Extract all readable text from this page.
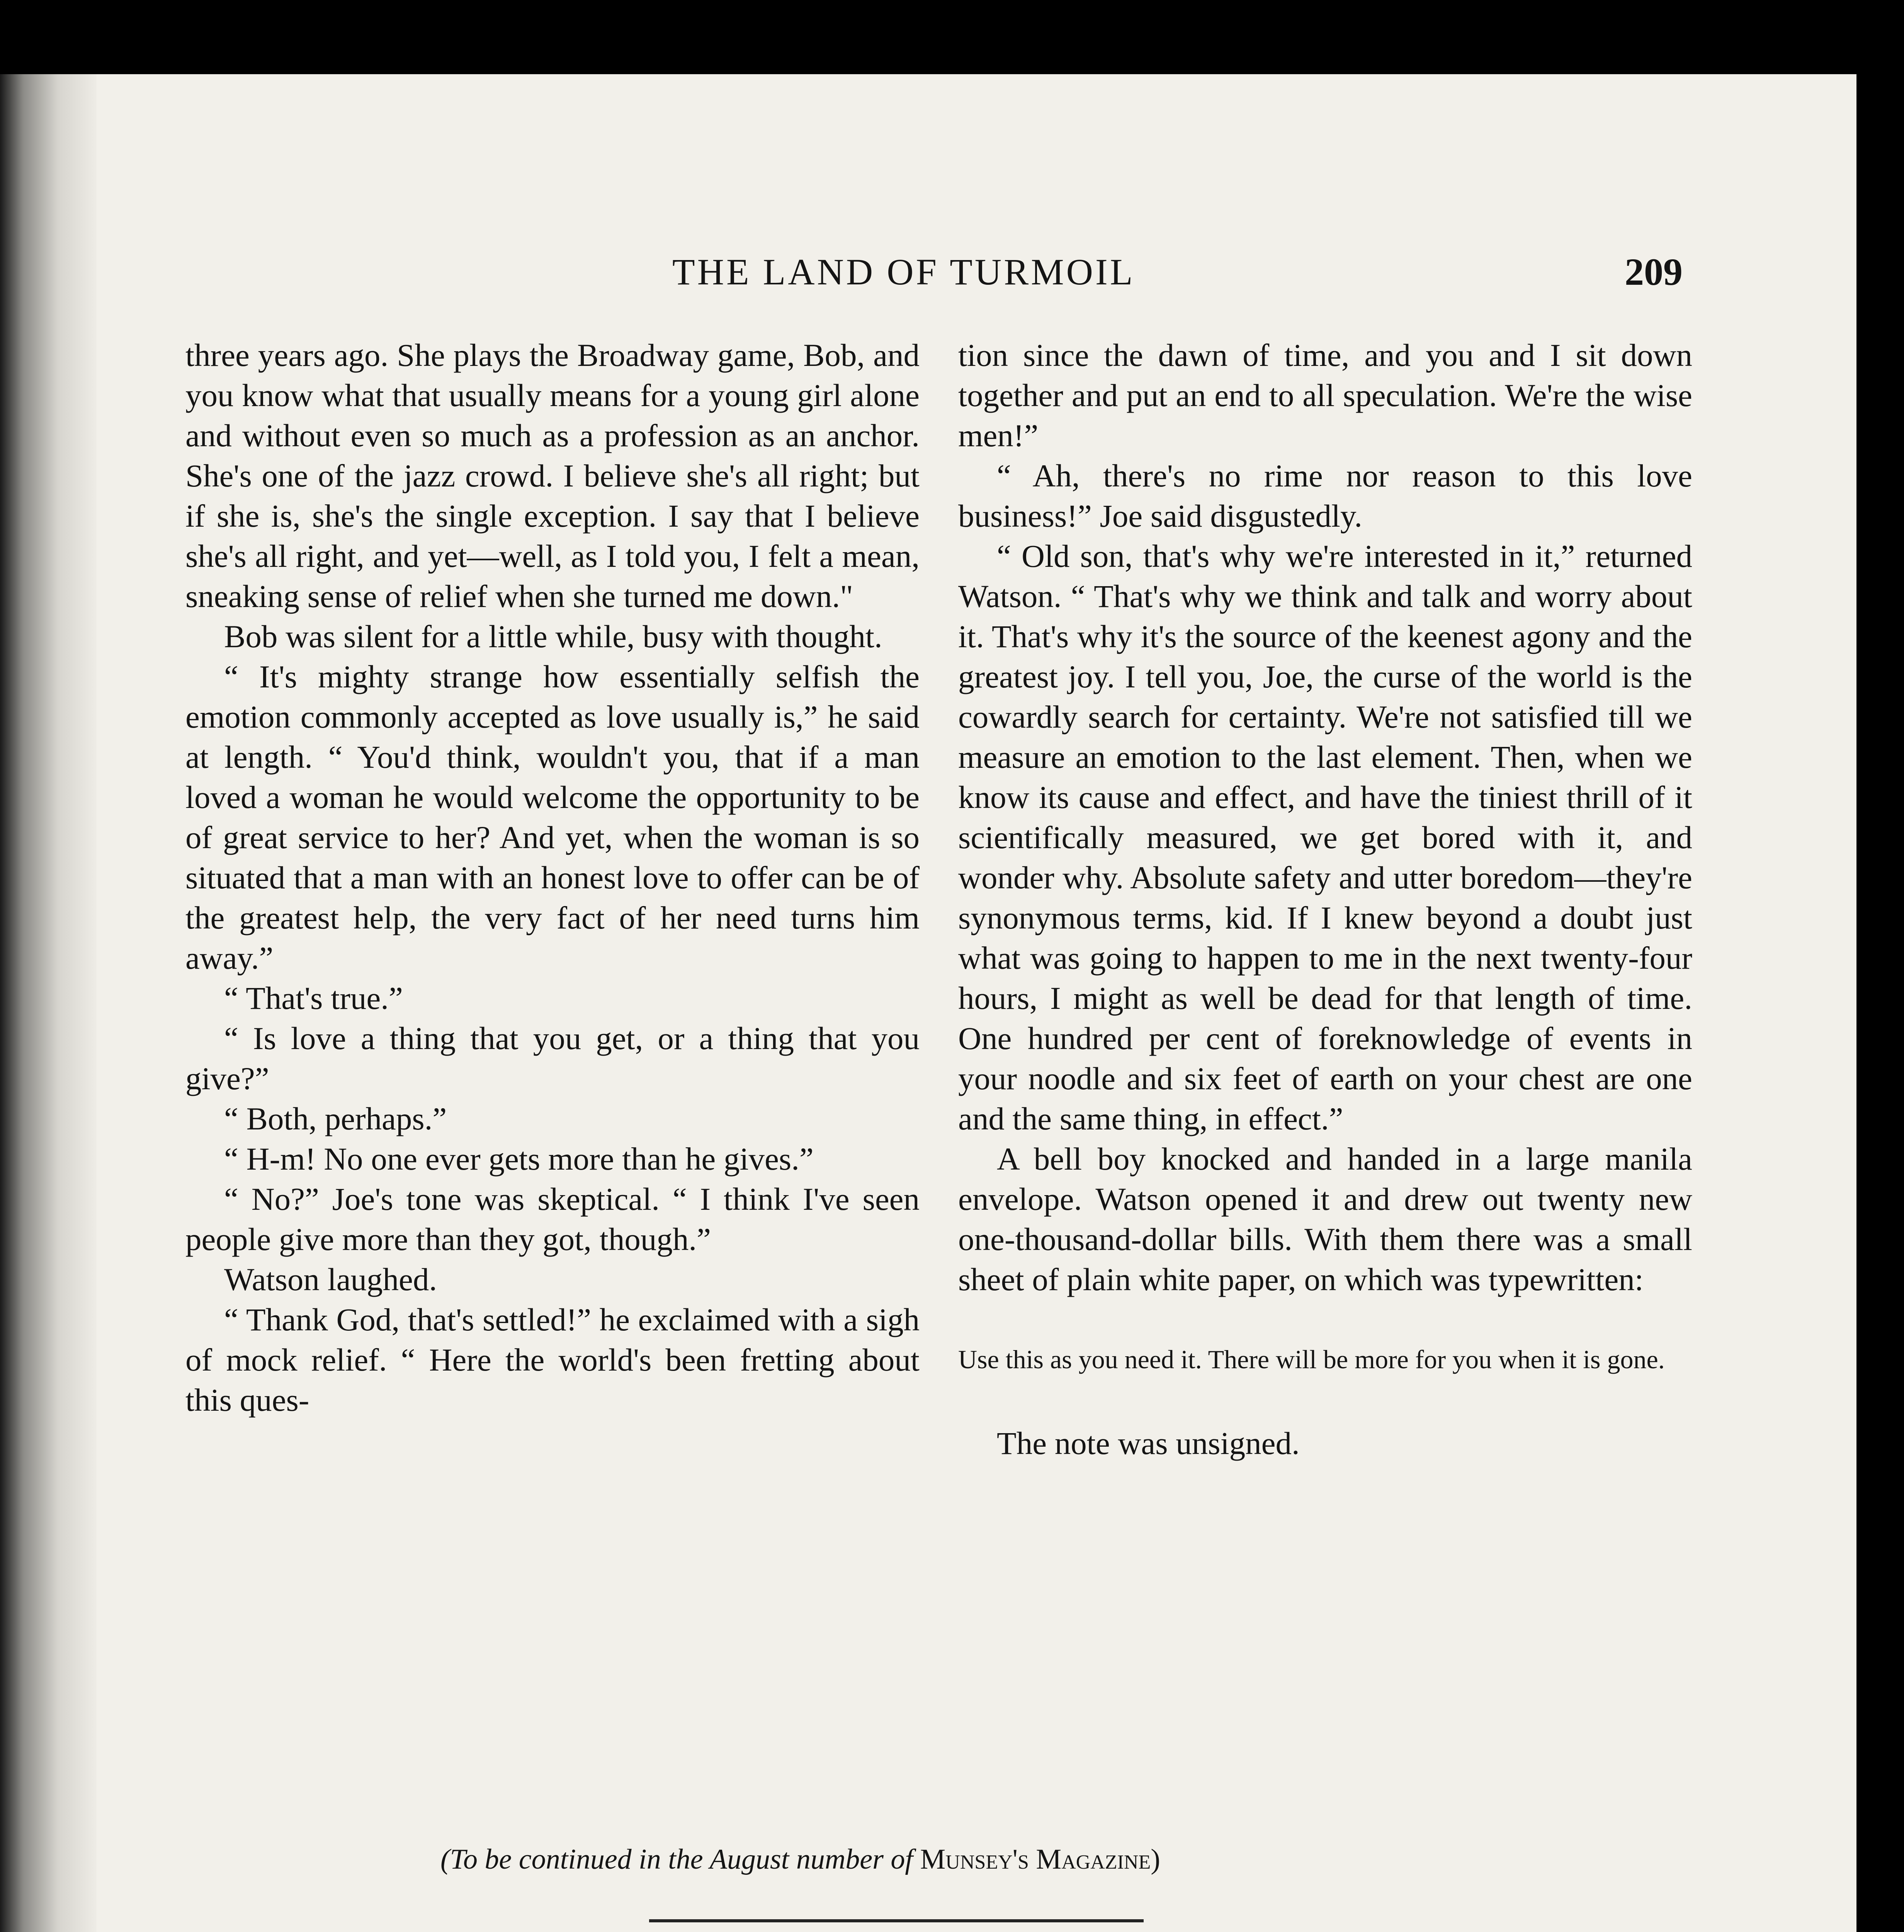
THE LAND OF TURMOIL	209

three years ago. She plays the Broadway game, Bob, and you know what that usually means for a young girl alone and without even so much as a profession as an anchor. She's one of the jazz crowd. I believe she's all right; but if she is, she's the single exception. I say that I believe she's all right, and yet—well, as I told you, I felt a mean, sneaking sense of relief when she turned me down."

Bob was silent for a little while, busy with thought.

“ It's mighty strange how essentially selfish the emotion commonly accepted as love usually is,” he said at length. “ You'd think, wouldn't you, that if a man loved a woman he would welcome the opportunity to be of great service to her? And yet, when the woman is so situated that a man with an honest love to offer can be of the greatest help, the very fact of her need turns him away.”

“ That's true.”

“ Is love a thing that you get, or a thing that you give?”

“ Both, perhaps.”

“ H-m! No one ever gets more than he gives.”

“ No?” Joe's tone was skeptical. “ I think I've seen people give more than they got, though.”

Watson laughed.

“ Thank God, that's settled!” he exclaimed with a sigh of mock relief. “ Here the world's been fretting about this ques-

tion since the dawn of time, and you and I sit down together and put an end to all speculation. We're the wise men!”

“ Ah, there's no rime nor reason to this love business!” Joe said disgustedly.

“ Old son, that's why we're interested in it,” returned Watson. “ That's why we think and talk and worry about it. That's why it's the source of the keenest agony and the greatest joy. I tell you, Joe, the curse of the world is the cowardly search for certainty. We're not satisfied till we measure an emotion to the last element. Then, when we know its cause and effect, and have the tiniest thrill of it scientifically measured, we get bored with it, and wonder why. Absolute safety and utter boredom—they're synonymous terms, kid. If I knew beyond a doubt just what was going to happen to me in the next twenty-four hours, I might as well be dead for that length of time. One hundred per cent of foreknowledge of events in your noodle and six feet of earth on your chest are one and the same thing, in effect.”

A bell boy knocked and handed in a large manila envelope. Watson opened it and drew out twenty new one-thousand-dollar bills. With them there was a small sheet of plain white paper, on which was typewritten:

Use this as you need it. There will be more for you when it is gone.

The note was unsigned.

(To be continued in the August number of Munsey's Magazine)
